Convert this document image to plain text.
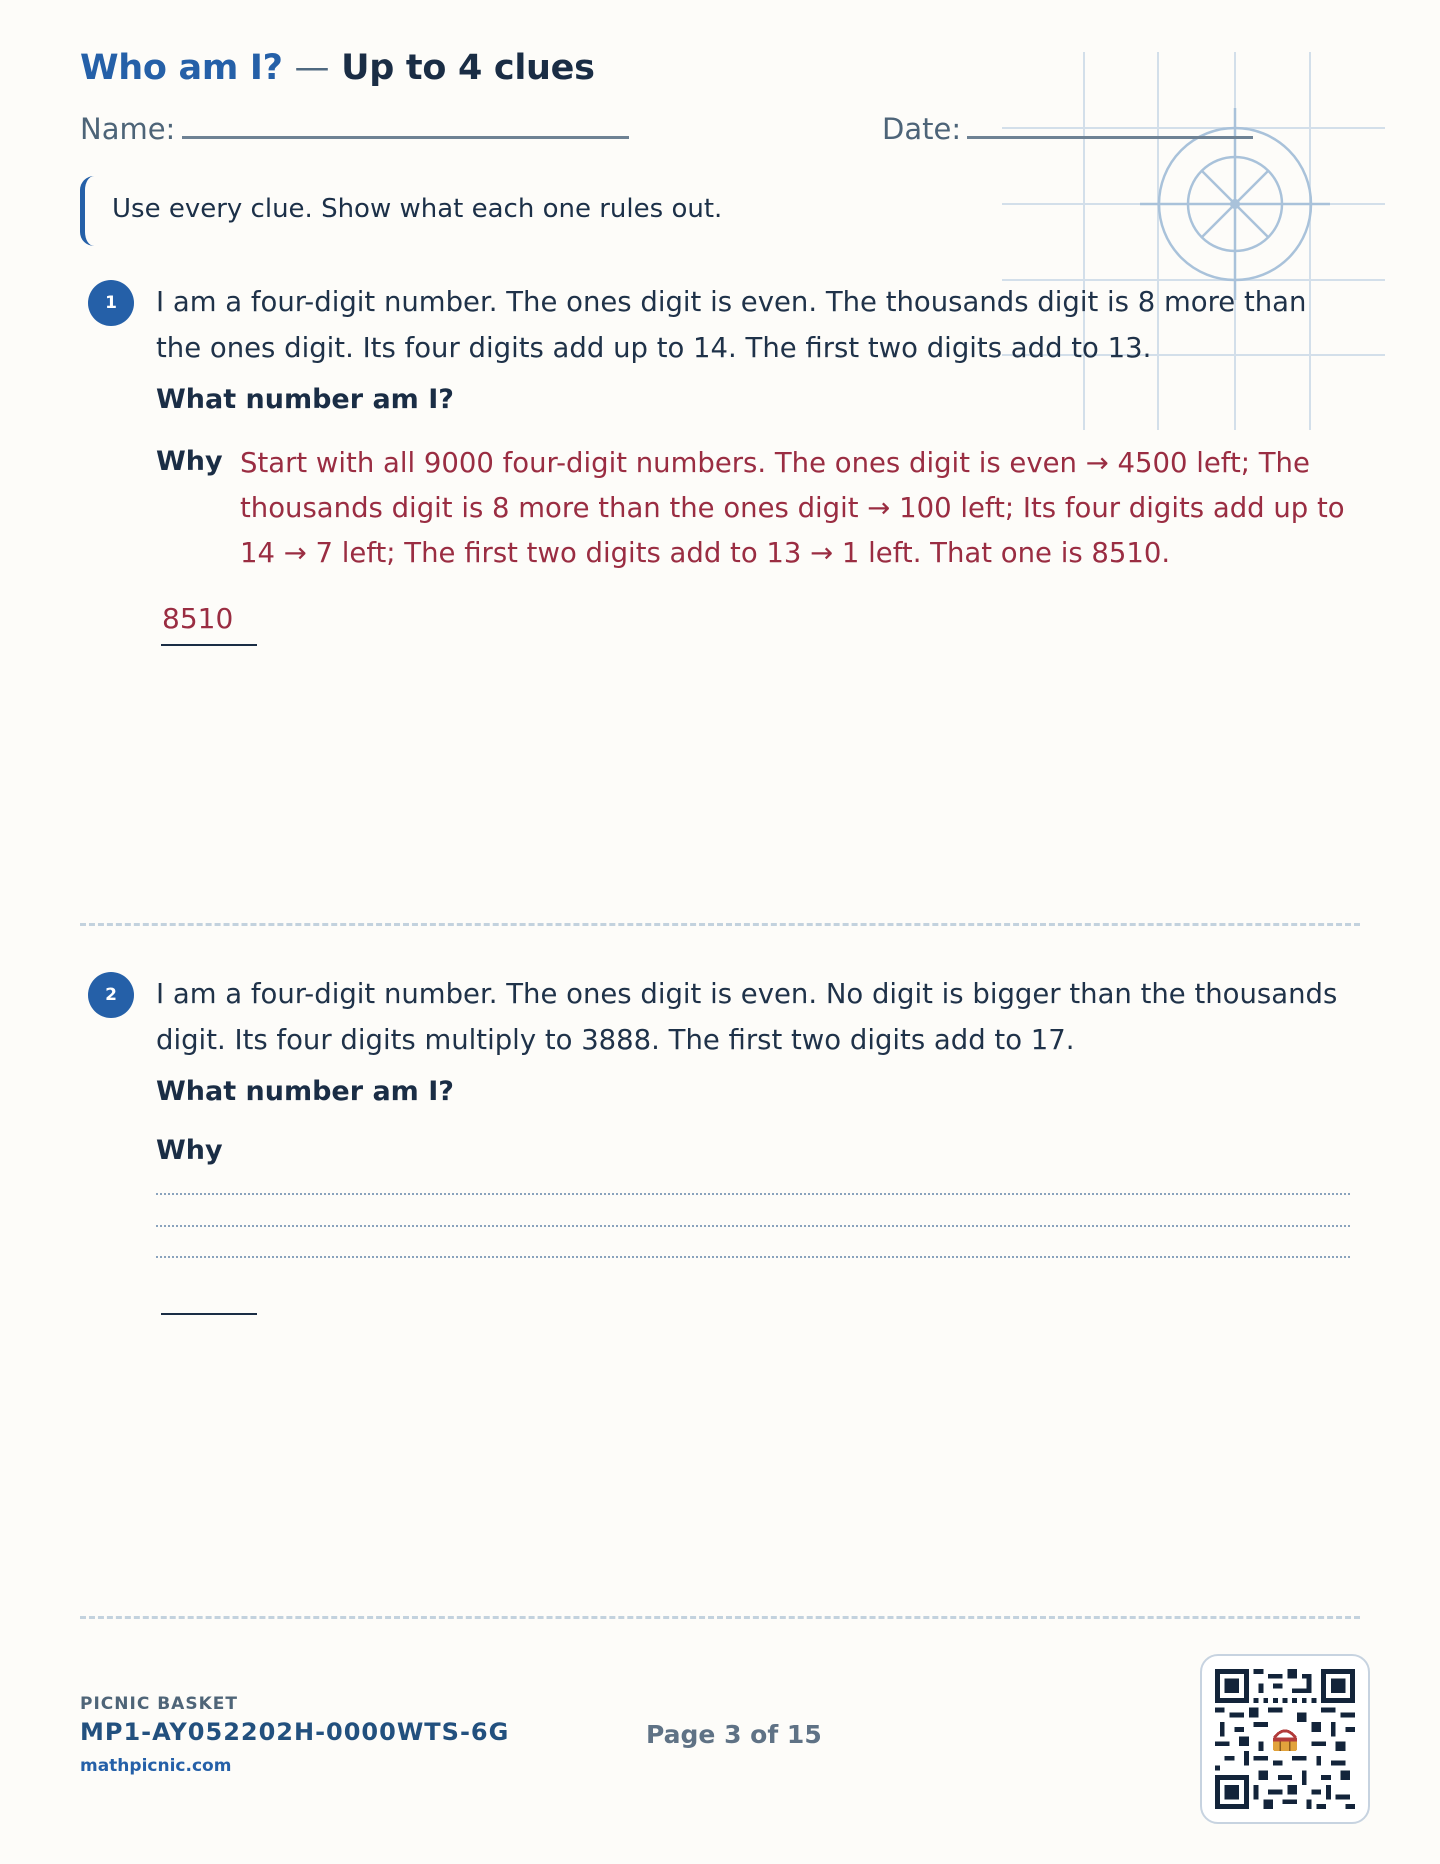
Who am I? — Up to 4 clues
Name:	Date:
Use every clue. Show what each one rules out.
1	I am a four-digit number. The ones digit is even. The thousands digit is 8 more than the ones digit. Its four digits add up to 14. The first two digits add to 13.
What number am I?
Why Start with all 9000 four-digit numbers. The ones digit is even → 4500 left; The thousands digit is 8 more than the ones digit → 100 left; Its four digits add up to 14 → 7 left; The first two digits add to 13 → 1 left. That one is 8510.
8510
2	I am a four-digit number. The ones digit is even. No digit is bigger than the thousands digit. Its four digits multiply to 3888. The first two digits add to 17.
What number am I?
Why
PICNIC BASKET
MP1-AY052202H-0000WTS-6G
mathpicnic.com
Page 3 of 15
